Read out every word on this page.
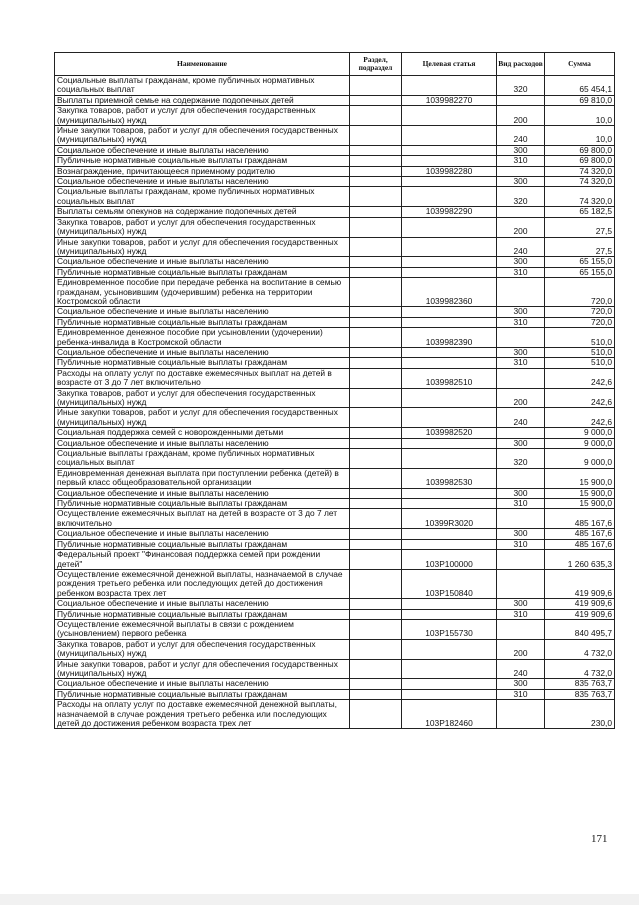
Наименование	Раздел, подраздел	Целевая статья	Вид расходов	Сумма
Социальные выплаты гражданам, кроме публичных нормативных социальных выплат			320	65 454,1
Выплаты приемной семье на содержание подопечных детей		1039982270		69 810,0
Закупка товаров, работ и услуг для обеспечения государственных (муниципальных) нужд			200	10,0
Иные закупки товаров, работ и услуг для обеспечения государственных (муниципальных) нужд			240	10,0
Социальное обеспечение и иные выплаты населению			300	69 800,0
Публичные нормативные социальные выплаты гражданам			310	69 800,0
Вознаграждение, причитающееся приемному родителю		1039982280		74 320,0
Социальное обеспечение и иные выплаты населению			300	74 320,0
Социальные выплаты гражданам, кроме публичных нормативных социальных выплат			320	74 320,0
Выплаты семьям опекунов на содержание подопечных детей		1039982290		65 182,5
Закупка товаров, работ и услуг для обеспечения государственных (муниципальных) нужд			200	27,5
Иные закупки товаров, работ и услуг для обеспечения государственных (муниципальных) нужд			240	27,5
Социальное обеспечение и иные выплаты населению			300	65 155,0
Публичные нормативные социальные выплаты гражданам			310	65 155,0
Единовременное пособие при передаче ребенка на воспитание в семью гражданам, усыновившим (удочерившим) ребенка на территории Костромской области		1039982360		720,0
Социальное обеспечение и иные выплаты населению			300	720,0
Публичные нормативные социальные выплаты гражданам			310	720,0
Единовременное денежное пособие при усыновлении (удочерении) ребенка-инвалида в Костромской области		1039982390		510,0
Социальное обеспечение и иные выплаты населению			300	510,0
Публичные нормативные социальные выплаты гражданам			310	510,0
Расходы на оплату услуг по доставке ежемесячных выплат на детей в возрасте от 3 до 7 лет включительно		1039982510		242,6
Закупка товаров, работ и услуг для обеспечения государственных (муниципальных) нужд			200	242,6
Иные закупки товаров, работ и услуг для обеспечения государственных (муниципальных) нужд			240	242,6
Социальная поддержка семей с новорожденными детьми		1039982520		9 000,0
Социальное обеспечение и иные выплаты населению			300	9 000,0
Социальные выплаты гражданам, кроме публичных нормативных социальных выплат			320	9 000,0
Единовременная денежная выплата при поступлении ребенка (детей) в первый класс общеобразовательной организации		1039982530		15 900,0
Социальное обеспечение и иные выплаты населению			300	15 900,0
Публичные нормативные социальные выплаты гражданам			310	15 900,0
Осуществление ежемесячных выплат на детей в возрасте от 3 до 7 лет включительно		10399R3020		485 167,6
Социальное обеспечение и иные выплаты населению			300	485 167,6
Публичные нормативные социальные выплаты гражданам			310	485 167,6
Федеральный проект "Финансовая поддержка семей при рождении детей"		103P100000		1 260 635,3
Осуществление ежемесячной денежной выплаты, назначаемой в случае рождения третьего ребенка или последующих детей до достижения ребенком возраста трех лет		103P150840		419 909,6
Социальное обеспечение и иные выплаты населению			300	419 909,6
Публичные нормативные социальные выплаты гражданам			310	419 909,6
Осуществление ежемесячной выплаты в связи с рождением (усыновлением) первого ребенка		103P155730		840 495,7
Закупка товаров, работ и услуг для обеспечения государственных (муниципальных) нужд			200	4 732,0
Иные закупки товаров, работ и услуг для обеспечения государственных (муниципальных) нужд			240	4 732,0
Социальное обеспечение и иные выплаты населению			300	835 763,7
Публичные нормативные социальные выплаты гражданам			310	835 763,7
Расходы на оплату услуг по доставке ежемесячной денежной выплаты, назначаемой в случае рождения третьего ребенка или последующих детей до достижения ребенком возраста трех лет		103P182460		230,0
171
